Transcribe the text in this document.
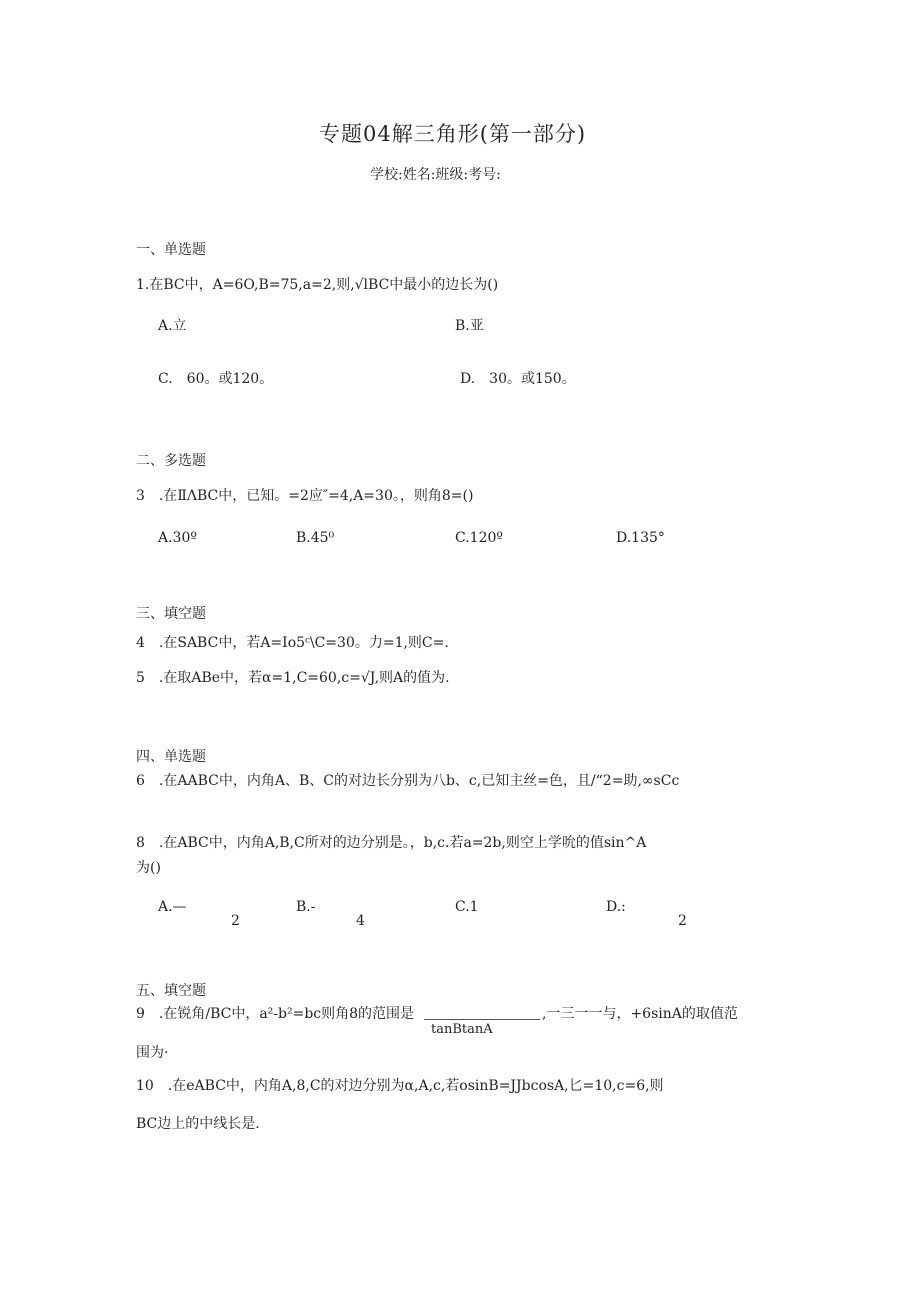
专题04解三角形(第一部分)
学校:姓名:班级:考号:
一、单选题
1.在BC中，A=6O,B=75,a=2,则,√lBC中最小的边长为()
A.立	B.亚
C.　60。或120。	D.　30。或150。
二、多选题
3　.在ⅡΛBC中，已知。=2应″=4,A=30。，则角8=()
A.30º	B.45⁰	C.120º	D.135°
三、填空题
4　.在SABC中，若A=Io5ᶜ\C=30。力=1,则C=.
5　.在取ABe中，若α=1,C=60,c=√J,则A的值为.
四、单选题
6　.在AABC中，内角A、B、C的对边长分别为八b、c,已知主丝=色，且/“2=助,∞sCc
8　.在ABC中，内角A,B,C所对的边分别是。，b,c.若a=2b,则空上学吮的值sin^A
为()
A.—
2
B.-
4
C.1	D.:
2
五、填空题
9　.在锐角/BC中，a²-b²=bc则角8的范围是	,一三一一与，+6sinA的取值范
tanBtanA
围为·
10　.在eABC中，内角A,8,C的对边分别为α,A,c,若osinB=JJbcosA,匕=10,c=6,则
BC边上的中线长是.
